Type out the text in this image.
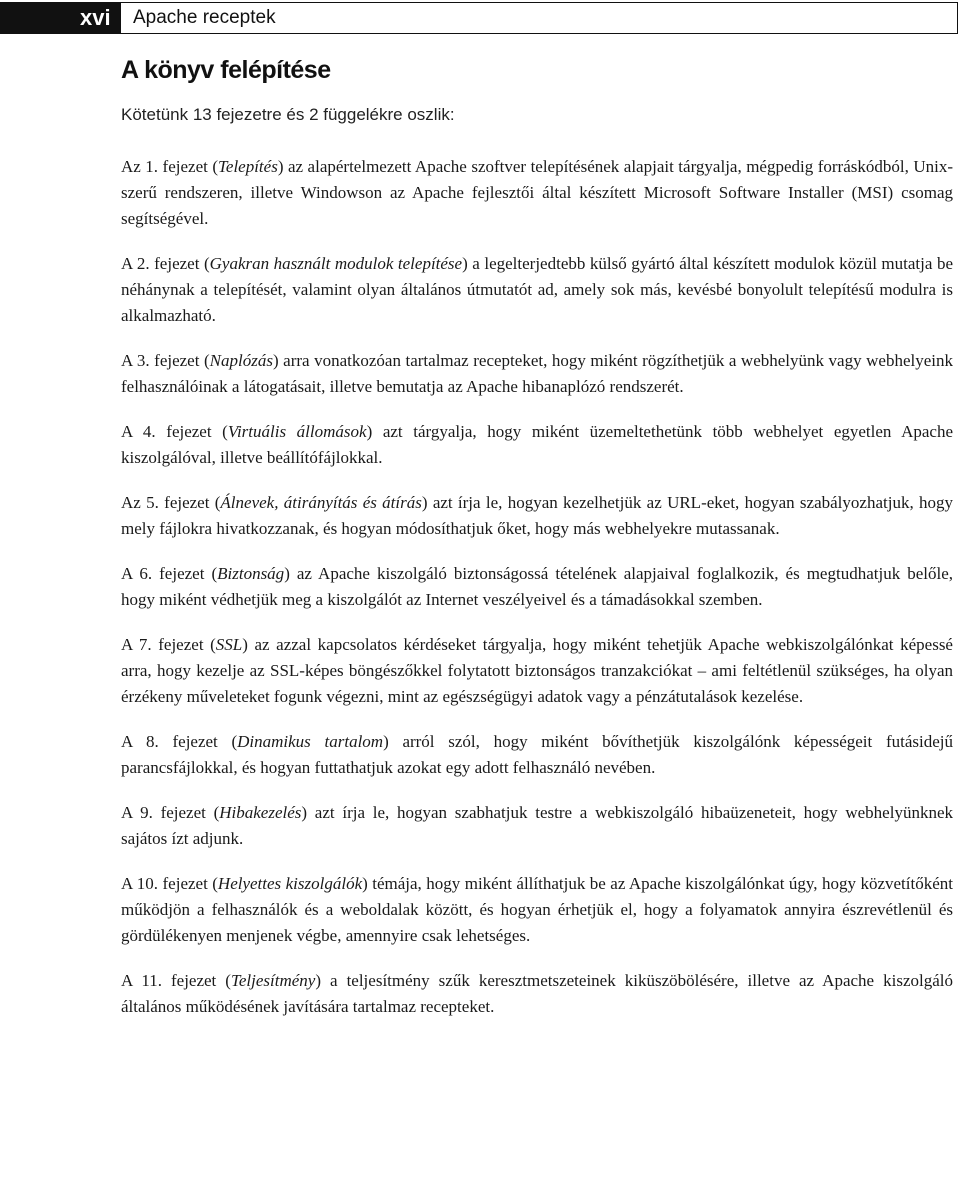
xvi	Apache receptek
A könyv felépítése

Kötetünk 13 fejezetre és 2 függelékre oszlik:

Az 1. fejezet (Telepítés) az alapértelmezett Apache szoftver telepítésének alapjait tárgyalja, mégpedig forráskódból, Unix-szerű rendszeren, illetve Windowson az Apache fejlesztői által készített Microsoft Software Installer (MSI) csomag segítségével.

A 2. fejezet (Gyakran használt modulok telepítése) a legelterjedtebb külső gyártó által készített modulok közül mutatja be néhánynak a telepítését, valamint olyan általános útmutatót ad, amely sok más, kevésbé bonyolult telepítésű modulra is alkalmazható.

A 3. fejezet (Naplózás) arra vonatkozóan tartalmaz recepteket, hogy miként rögzíthetjük a webhelyünk vagy webhelyeink felhasználóinak a látogatásait, illetve bemutatja az Apache hibanaplózó rendszerét.

A 4. fejezet (Virtuális állomások) azt tárgyalja, hogy miként üzemeltethetünk több webhelyet egyetlen Apache kiszolgálóval, illetve beállítófájlokkal.

Az 5. fejezet (Álnevek, átirányítás és átírás) azt írja le, hogyan kezelhetjük az URL-eket, hogyan szabályozhatjuk, hogy mely fájlokra hivatkozzanak, és hogyan módosíthatjuk őket, hogy más webhelyekre mutassanak.

A 6. fejezet (Biztonság) az Apache kiszolgáló biztonságossá tételének alapjaival foglalkozik, és megtudhatjuk belőle, hogy miként védhetjük meg a kiszolgálót az Internet veszélyeivel és a támadásokkal szemben.

A 7. fejezet (SSL) az azzal kapcsolatos kérdéseket tárgyalja, hogy miként tehetjük Apache webkiszolgálónkat képessé arra, hogy kezelje az SSL-képes böngészőkkel folytatott biztonságos tranzakciókat – ami feltétlenül szükséges, ha olyan érzékeny műveleteket fogunk végezni, mint az egészségügyi adatok vagy a pénzátutalások kezelése.

A 8. fejezet (Dinamikus tartalom) arról szól, hogy miként bővíthetjük kiszolgálónk képességeit futásidejű parancsfájlokkal, és hogyan futtathatjuk azokat egy adott felhasználó nevében.

A 9. fejezet (Hibakezelés) azt írja le, hogyan szabhatjuk testre a webkiszolgáló hibaüzeneteit, hogy webhelyünknek sajátos ízt adjunk.

A 10. fejezet (Helyettes kiszolgálók) témája, hogy miként állíthatjuk be az Apache kiszolgálónkat úgy, hogy közvetítőként működjön a felhasználók és a weboldalak között, és hogyan érhetjük el, hogy a folyamatok annyira észrevétlenül és gördülékenyen menjenek végbe, amennyire csak lehetséges.

A 11. fejezet (Teljesítmény) a teljesítmény szűk keresztmetszeteinek kiküszöbölésére, illetve az Apache kiszolgáló általános működésének javítására tartalmaz recepteket.
